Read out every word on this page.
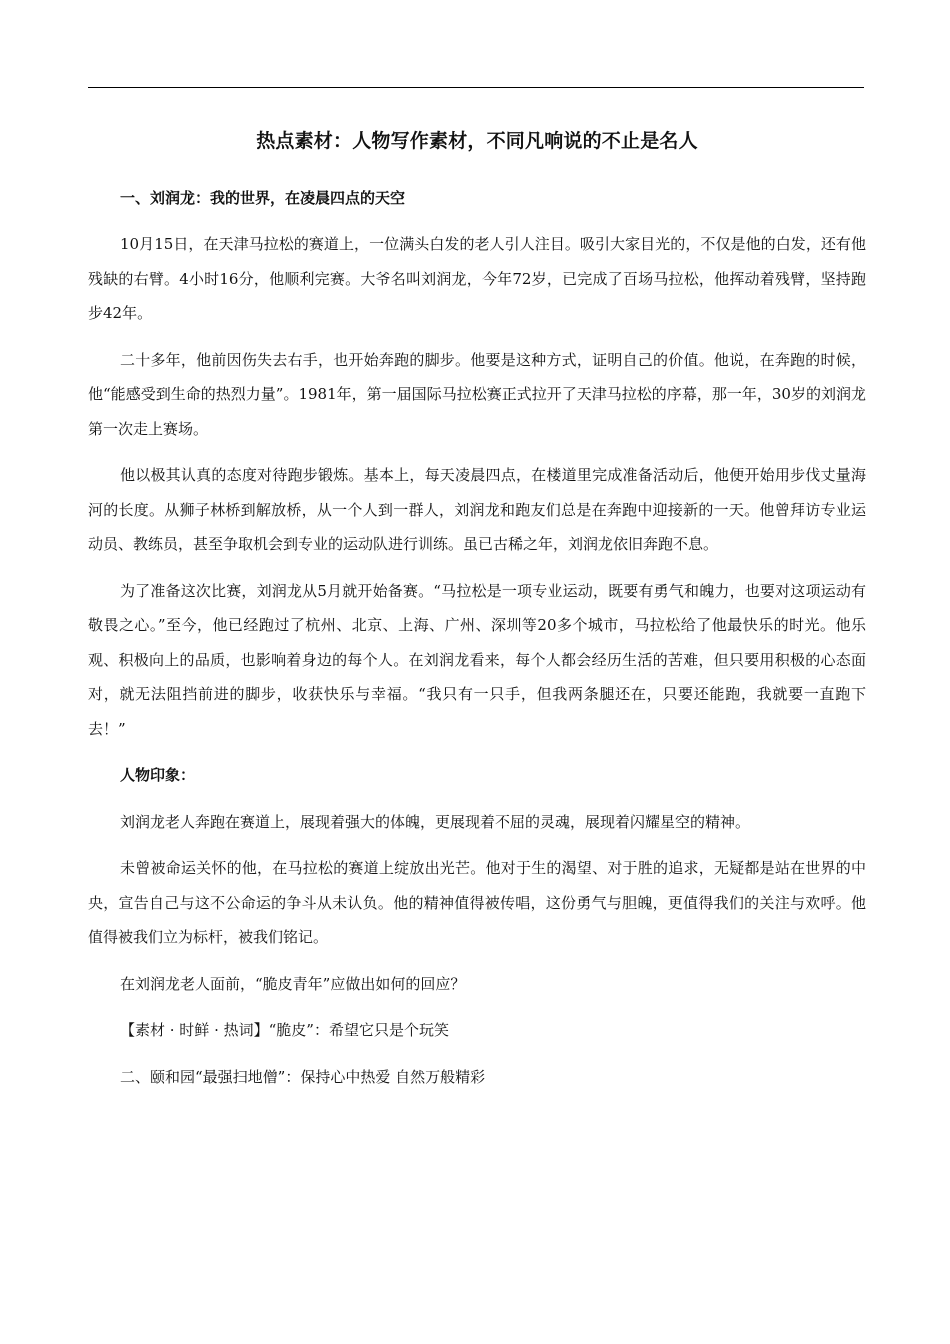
热点素材：人物写作素材，不同凡响说的不止是名人

一、刘润龙：我的世界，在凌晨四点的天空

10月15日，在天津马拉松的赛道上，一位满头白发的老人引人注目。吸引大家目光的，不仅是他的白发，还有他残缺的右臂。4小时16分，他顺利完赛。大爷名叫刘润龙，今年72岁，已完成了百场马拉松，他挥动着残臂，坚持跑步42年。

二十多年，他前因伤失去右手，也开始奔跑的脚步。他要是这种方式，证明自己的价值。他说，在奔跑的时候，他“能感受到生命的热烈力量”。1981年，第一届国际马拉松赛正式拉开了天津马拉松的序幕，那一年，30岁的刘润龙第一次走上赛场。

他以极其认真的态度对待跑步锻炼。基本上，每天凌晨四点，在楼道里完成准备活动后，他便开始用步伐丈量海河的长度。从狮子林桥到解放桥，从一个人到一群人，刘润龙和跑友们总是在奔跑中迎接新的一天。他曾拜访专业运动员、教练员，甚至争取机会到专业的运动队进行训练。虽已古稀之年，刘润龙依旧奔跑不息。

为了准备这次比赛，刘润龙从5月就开始备赛。“马拉松是一项专业运动，既要有勇气和魄力，也要对这项运动有敬畏之心。”至今，他已经跑过了杭州、北京、上海、广州、深圳等20多个城市，马拉松给了他最快乐的时光。他乐观、积极向上的品质，也影响着身边的每个人。在刘润龙看来，每个人都会经历生活的苦难，但只要用积极的心态面对，就无法阻挡前进的脚步，收获快乐与幸福。“我只有一只手，但我两条腿还在，只要还能跑，我就要一直跑下去！”

人物印象：

刘润龙老人奔跑在赛道上，展现着强大的体魄，更展现着不屈的灵魂，展现着闪耀星空的精神。

未曾被命运关怀的他，在马拉松的赛道上绽放出光芒。他对于生的渴望、对于胜的追求，无疑都是站在世界的中央，宣告自己与这不公命运的争斗从未认负。他的精神值得被传唱，这份勇气与胆魄，更值得我们的关注与欢呼。他值得被我们立为标杆，被我们铭记。

在刘润龙老人面前，“脆皮青年”应做出如何的回应？

【素材 · 时鲜 · 热词】“脆皮”：希望它只是个玩笑

二、颐和园“最强扫地僧”：保持心中热爱 自然万般精彩
